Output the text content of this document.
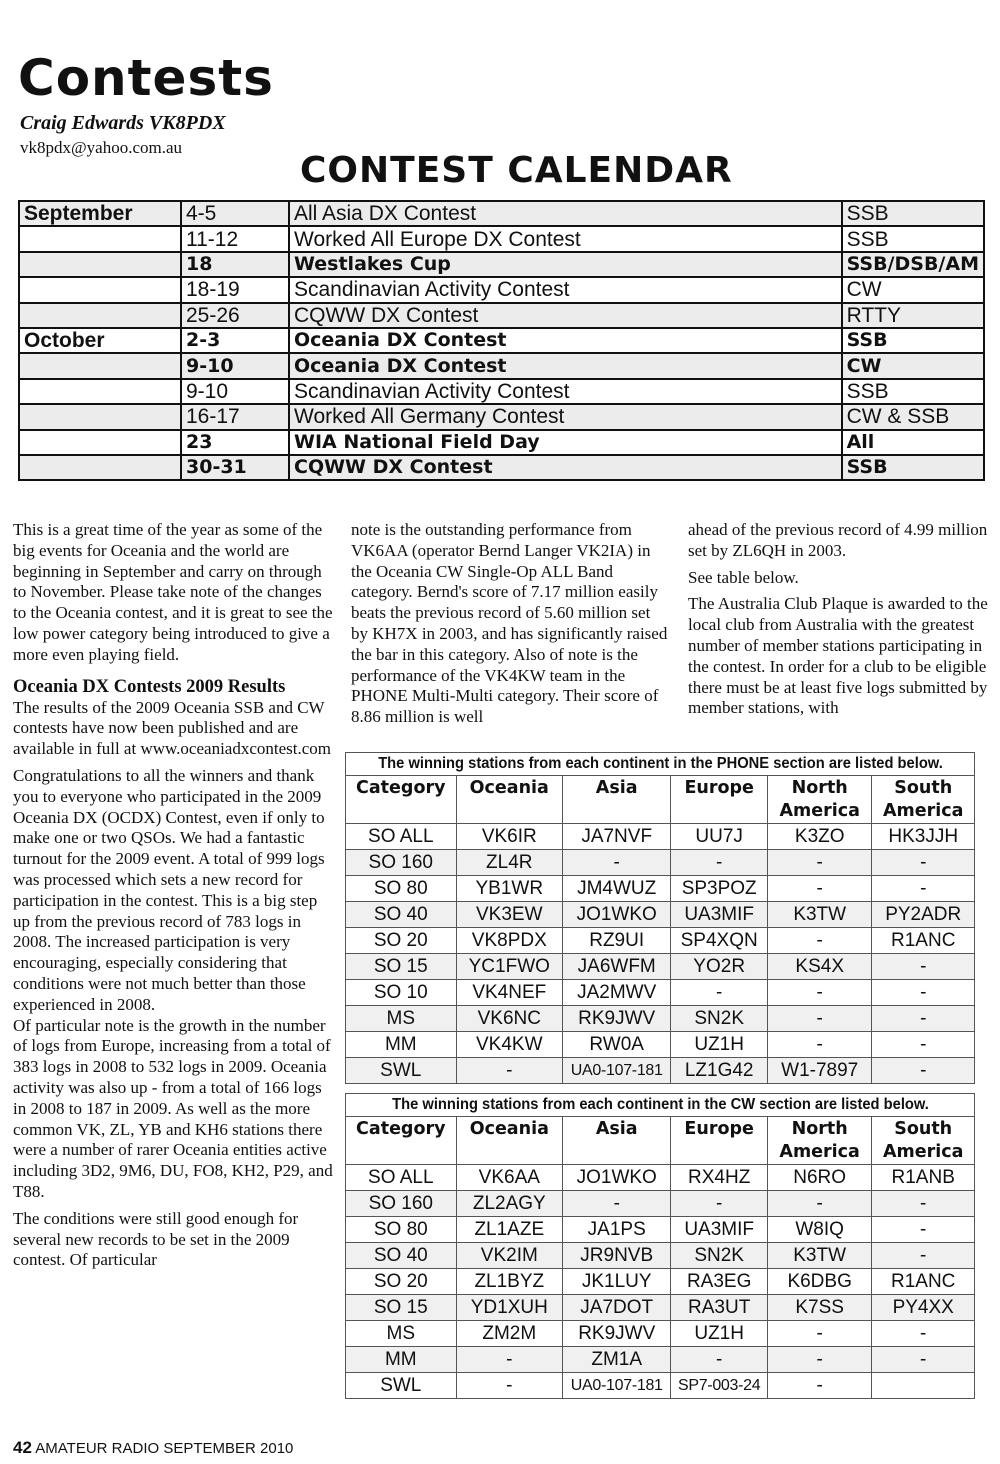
Contests
Craig Edwards VK8PDX
vk8pdx@yahoo.com.au
CONTEST CALENDAR
September	4-5	All Asia DX Contest	SSB
	11-12	Worked All Europe DX Contest	SSB
	18	Westlakes Cup	SSB/DSB/AM
	18-19	Scandinavian Activity Contest	CW
	25-26	CQWW DX Contest	RTTY
October	2-3	Oceania DX Contest	SSB
	9-10	Oceania DX Contest	CW
	9-10	Scandinavian Activity Contest	SSB
	16-17	Worked All Germany Contest	CW & SSB
	23	WIA National Field Day	All
	30-31	CQWW DX Contest	SSB

This is a great time of the year as some of the big events for Oceania and the world are beginning in September and carry on through to November. Please take note of the changes to the Oceania contest, and it is great to see the low power category being introduced to give a more even playing field.

Oceania DX Contests 2009 Results

The results of the 2009 Oceania SSB and CW contests have now been published and are available in full at www.oceaniadxcontest.com

Congratulations to all the winners and thank you to everyone who participated in the 2009 Oceania DX (OCDX) Contest, even if only to make one or two QSOs. We had a fantastic turnout for the 2009 event. A total of 999 logs was processed which sets a new record for participation in the contest. This is a big step up from the previous record of 783 logs in 2008. The increased participation is very encouraging, especially considering that conditions were not much better than those experienced in 2008.

Of particular note is the growth in the number of logs from Europe, increasing from a total of 383 logs in 2008 to 532 logs in 2009. Oceania activity was also up - from a total of 166 logs in 2008 to 187 in 2009. As well as the more common VK, ZL, YB and KH6 stations there were a number of rarer Oceania entities active including 3D2, 9M6, DU, FO8, KH2, P29, and T88.

The conditions were still good enough for several new records to be set in the 2009 contest. Of particular

note is the outstanding performance from VK6AA (operator Bernd Langer VK2IA) in the Oceania CW Single-Op ALL Band category. Bernd's score of 7.17 million easily beats the previous record of 5.60 million set by KH7X in 2003, and has significantly raised the bar in this category. Also of note is the performance of the VK4KW team in the PHONE Multi-Multi category. Their score of 8.86 million is well

ahead of the previous record of 4.99 million set by ZL6QH in 2003.

See table below.

The Australia Club Plaque is awarded to the local club from Australia with the greatest number of member stations participating in the contest. In order for a club to be eligible there must be at least five logs submitted by member stations, with

The winning stations from each continent in the PHONE section are listed below.					
Category	Oceania	Asia	Europe	North America	South America
SO ALL	VK6IR	JA7NVF	UU7J	K3ZO	HK3JJH
SO 160	ZL4R	-	-	-	-
SO 80	YB1WR	JM4WUZ	SP3POZ	-	-
SO 40	VK3EW	JO1WKO	UA3MIF	K3TW	PY2ADR
SO 20	VK8PDX	RZ9UI	SP4XQN	-	R1ANC
SO 15	YC1FWO	JA6WFM	YO2R	KS4X	-
SO 10	VK4NEF	JA2MWV	-	-	-
MS	VK6NC	RK9JWV	SN2K	-	-
MM	VK4KW	RW0A	UZ1H	-	-
SWL	-	UA0-107-181	LZ1G42	W1-7897	-
The winning stations from each continent in the CW section are listed below.					
Category	Oceania	Asia	Europe	North America	South America
SO ALL	VK6AA	JO1WKO	RX4HZ	N6RO	R1ANB
SO 160	ZL2AGY	-	-	-	-
SO 80	ZL1AZE	JA1PS	UA3MIF	W8IQ	-
SO 40	VK2IM	JR9NVB	SN2K	K3TW	-
SO 20	ZL1BYZ	JK1LUY	RA3EG	K6DBG	R1ANC
SO 15	YD1XUH	JA7DOT	RA3UT	K7SS	PY4XX
MS	ZM2M	RK9JWV	UZ1H	-	-
MM	-	ZM1A	-	-	-
SWL	-	UA0-107-181	SP7-003-24	-	
42 AMATEUR RADIO SEPTEMBER 2010
